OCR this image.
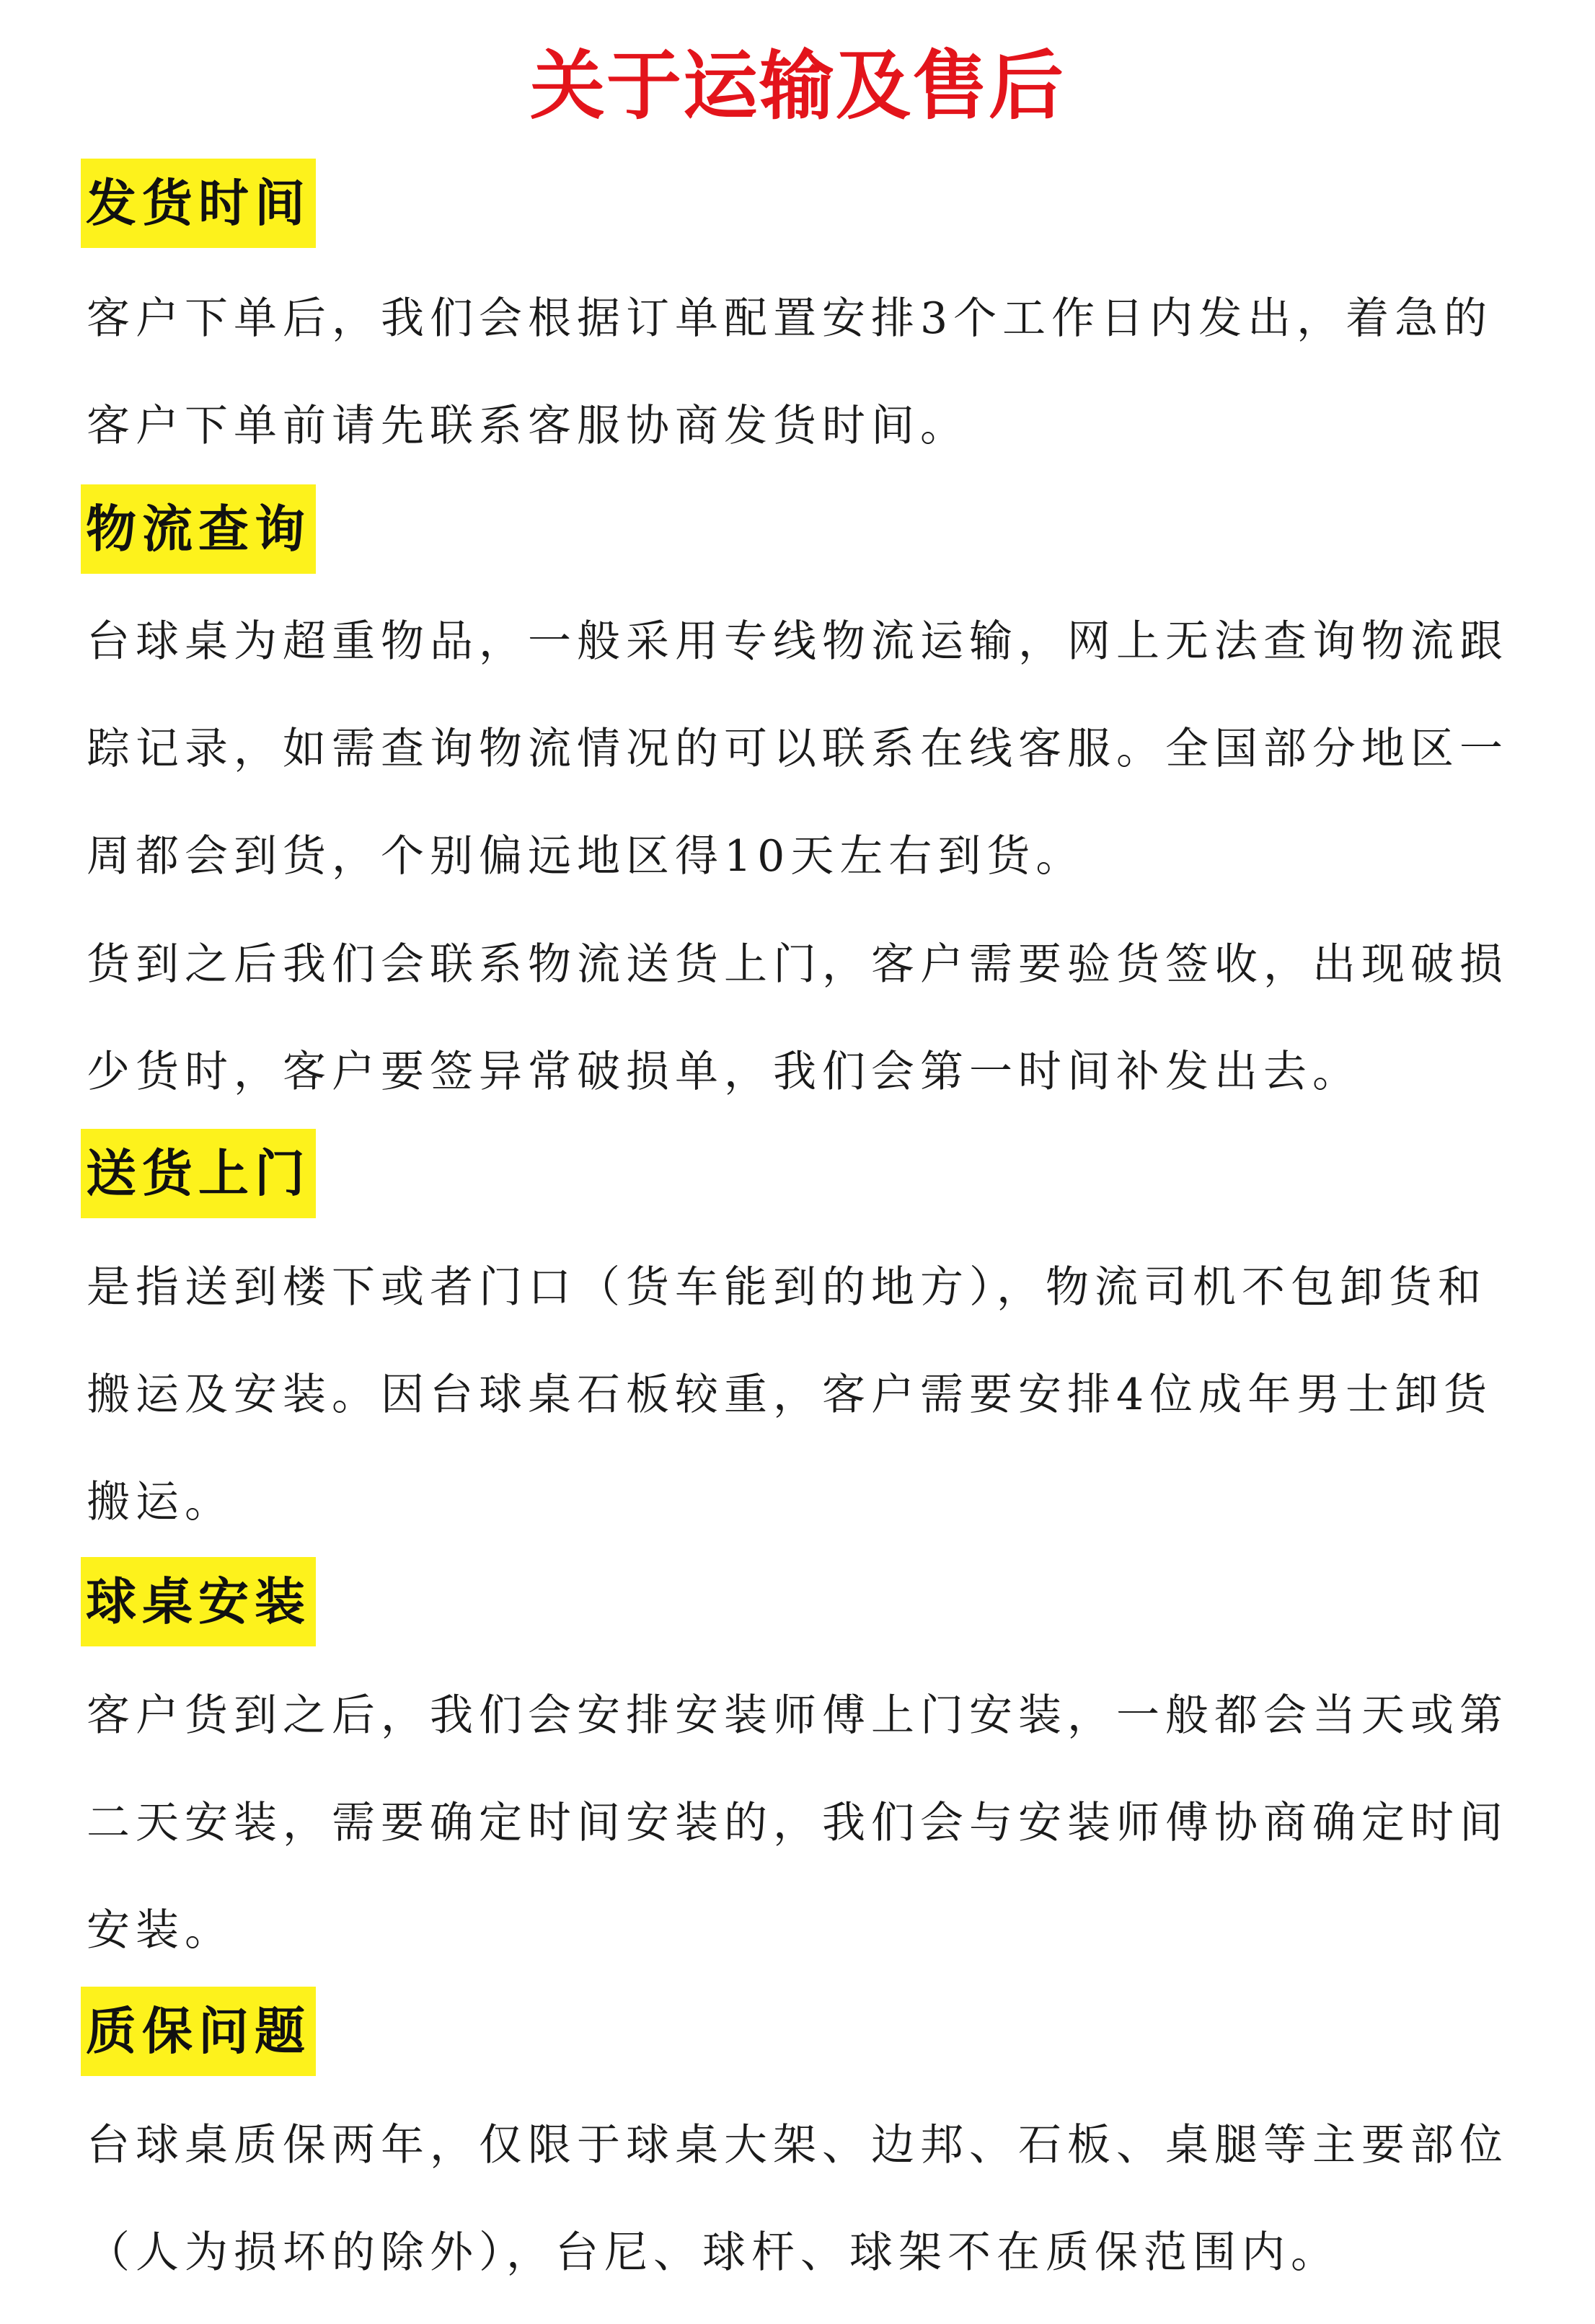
关于运输及售后
发货时间

客户下单后，我们会根据订单配置安排3个工作日内发出，着急的客户下单前请先联系客服协商发货时间。

物流查询

台球桌为超重物品，一般采用专线物流运输，网上无法查询物流跟踪记录，如需查询物流情况的可以联系在线客服。全国部分地区一周都会到货，个别偏远地区得10天左右到货。

货到之后我们会联系物流送货上门，客户需要验货签收，出现破损少货时，客户要签异常破损单，我们会第一时间补发出去。

送货上门

是指送到楼下或者门口（货车能到的地方），物流司机不包卸货和搬运及安装。因台球桌石板较重，客户需要安排4位成年男士卸货搬运。

球桌安装

客户货到之后，我们会安排安装师傅上门安装，一般都会当天或第二天安装，需要确定时间安装的，我们会与安装师傅协商确定时间安装。

质保问题

台球桌质保两年，仅限于球桌大架、边邦、石板、桌腿等主要部位（人为损坏的除外），台尼、球杆、球架不在质保范围内。
